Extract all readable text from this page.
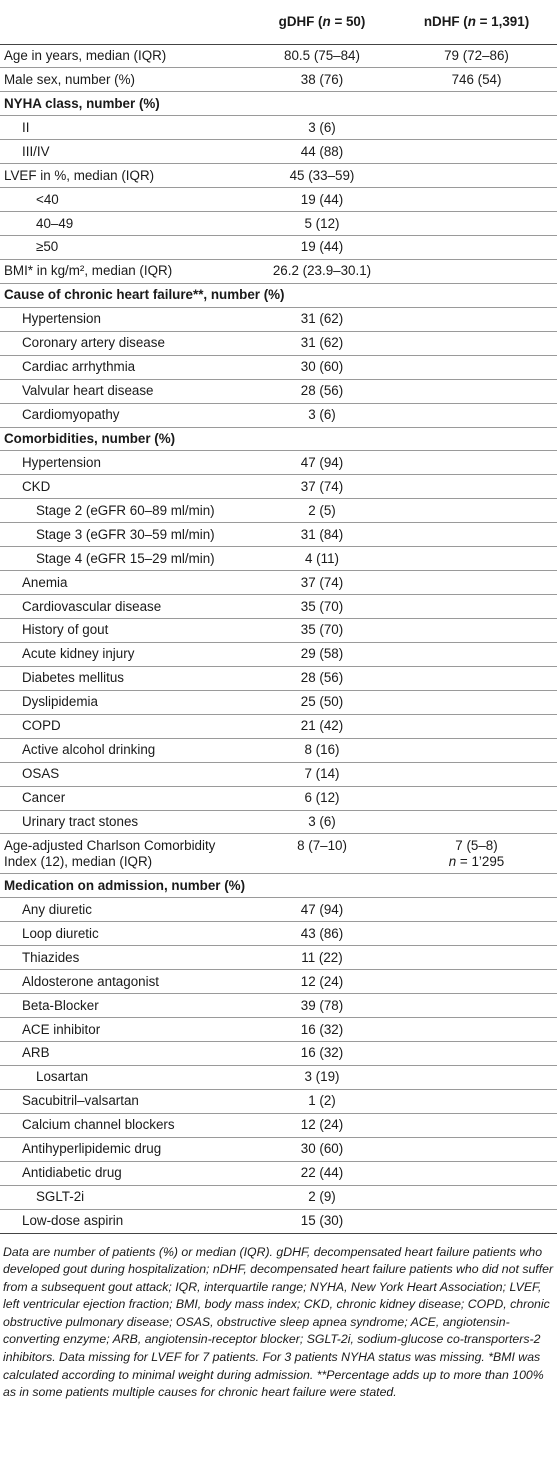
	gDHF (n = 50)	nDHF (n = 1,391)
Age in years, median (IQR)	80.5 (75–84)	79 (72–86)
Male sex, number (%)	38 (76)	746 (54)
NYHA class, number (%)		
II	3 (6)	
III/IV	44 (88)	
LVEF in %, median (IQR)	45 (33–59)	
<40	19 (44)	
40–49	5 (12)	
≥50	19 (44)	
BMI* in kg/m², median (IQR)	26.2 (23.9–30.1)	
Cause of chronic heart failure**, number (%)		
Hypertension	31 (62)	
Coronary artery disease	31 (62)	
Cardiac arrhythmia	30 (60)	
Valvular heart disease	28 (56)	
Cardiomyopathy	3 (6)	
Comorbidities, number (%)		
Hypertension	47 (94)	
CKD	37 (74)	
Stage 2 (eGFR 60–89 ml/min)	2 (5)	
Stage 3 (eGFR 30–59 ml/min)	31 (84)	
Stage 4 (eGFR 15–29 ml/min)	4 (11)	
Anemia	37 (74)	
Cardiovascular disease	35 (70)	
History of gout	35 (70)	
Acute kidney injury	29 (58)	
Diabetes mellitus	28 (56)	
Dyslipidemia	25 (50)	
COPD	21 (42)	
Active alcohol drinking	8 (16)	
OSAS	7 (14)	
Cancer	6 (12)	
Urinary tract stones	3 (6)	
Age-adjusted Charlson Comorbidity Index (12), median (IQR)	8 (7–10)	7 (5–8)
n = 1’295

Medication on admission, number (%)		
Any diuretic	47 (94)	
Loop diuretic	43 (86)	
Thiazides	11 (22)	
Aldosterone antagonist	12 (24)	
Beta-Blocker	39 (78)	
ACE inhibitor	16 (32)	
ARB	16 (32)	
Losartan	3 (19)	
Sacubitril–valsartan	1 (2)	
Calcium channel blockers	12 (24)	
Antihyperlipidemic drug	30 (60)	
Antidiabetic drug	22 (44)	
SGLT-2i	2 (9)	
Low-dose aspirin	15 (30)	
Data are number of patients (%) or median (IQR). gDHF, decompensated heart failure patients who developed gout during hospitalization; nDHF, decompensated heart failure patients who did not suffer from a subsequent gout attack; IQR, interquartile range; NYHA, New York Heart Association; LVEF, left ventricular ejection fraction; BMI, body mass index; CKD, chronic kidney disease; COPD, chronic obstructive pulmonary disease; OSAS, obstructive sleep apnea syndrome; ACE, angiotensin-converting enzyme; ARB, angiotensin-receptor blocker; SGLT-2i, sodium-glucose co-transporters-2 inhibitors. Data missing for LVEF for 7 patients. For 3 patients NYHA status was missing. *BMI was calculated according to minimal weight during admission. **Percentage adds up to more than 100% as in some patients multiple causes for chronic heart failure were stated.
